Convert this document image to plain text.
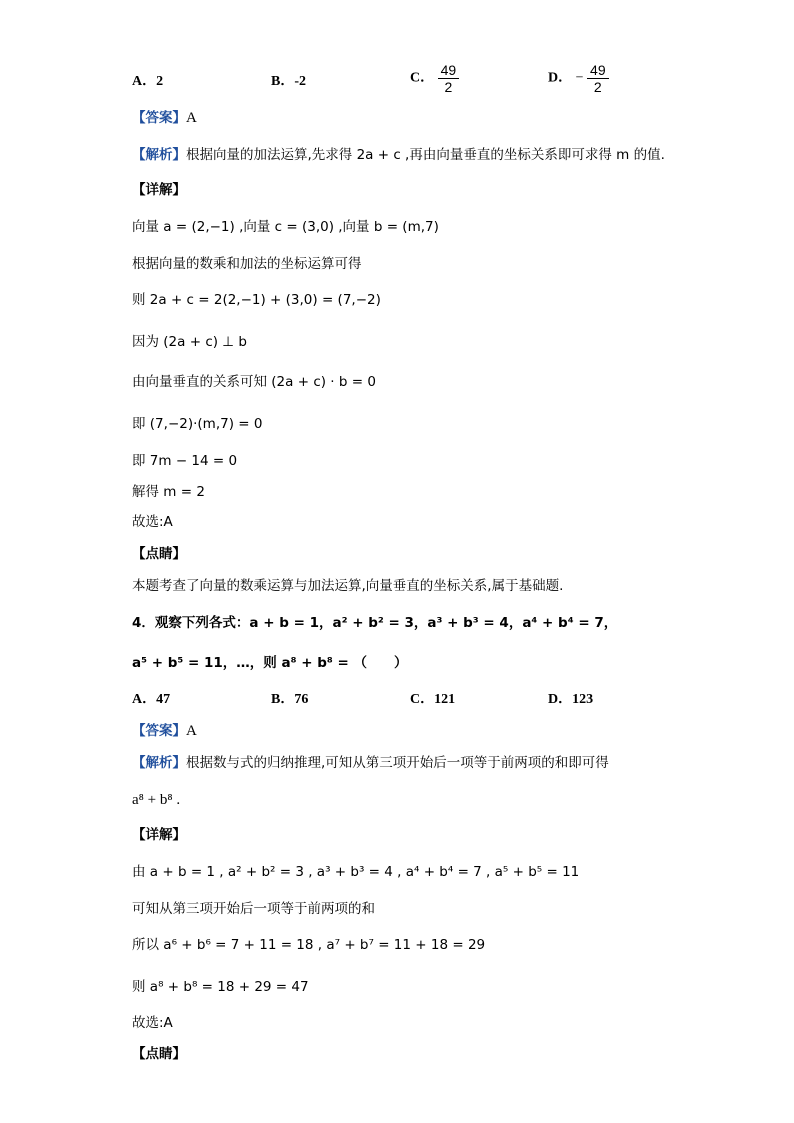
A．2	B．-2	C． $\frac{49}{2}$	D． − $\frac{49}{2}$
【答案】A
【解析】根据向量的加法运算,先求得 2a + c ,再由向量垂直的坐标关系即可求得 m 的值.
【详解】
向量 a = (2,−1) ,向量 c = (3,0) ,向量 b = (m,7)
根据向量的数乘和加法的坐标运算可得
则 2a + c = 2(2,−1) + (3,0) = (7,−2)
因为 (2a + c) ⊥ b
由向量垂直的关系可知 (2a + c) · b = 0
即 (7,−2)·(m,7) = 0
即 7m − 14 = 0
解得 m = 2
故选:A
【点睛】
本题考查了向量的数乘运算与加法运算,向量垂直的坐标关系,属于基础题.
4．观察下列各式：a + b = 1，a² + b² = 3，a³ + b³ = 4，a⁴ + b⁴ = 7，
a⁵ + b⁵ = 11，…，则 a⁸ + b⁸ = （　　）
A．47	B．76	C．121	D．123
【答案】A
【解析】根据数与式的归纳推理,可知从第三项开始后一项等于前两项的和即可得
a⁸ + b⁸ .
【详解】
由 a + b = 1 , a² + b² = 3 , a³ + b³ = 4 , a⁴ + b⁴ = 7 , a⁵ + b⁵ = 11
可知从第三项开始后一项等于前两项的和
所以 a⁶ + b⁶ = 7 + 11 = 18 , a⁷ + b⁷ = 11 + 18 = 29
则 a⁸ + b⁸ = 18 + 29 = 47
故选:A
【点睛】
